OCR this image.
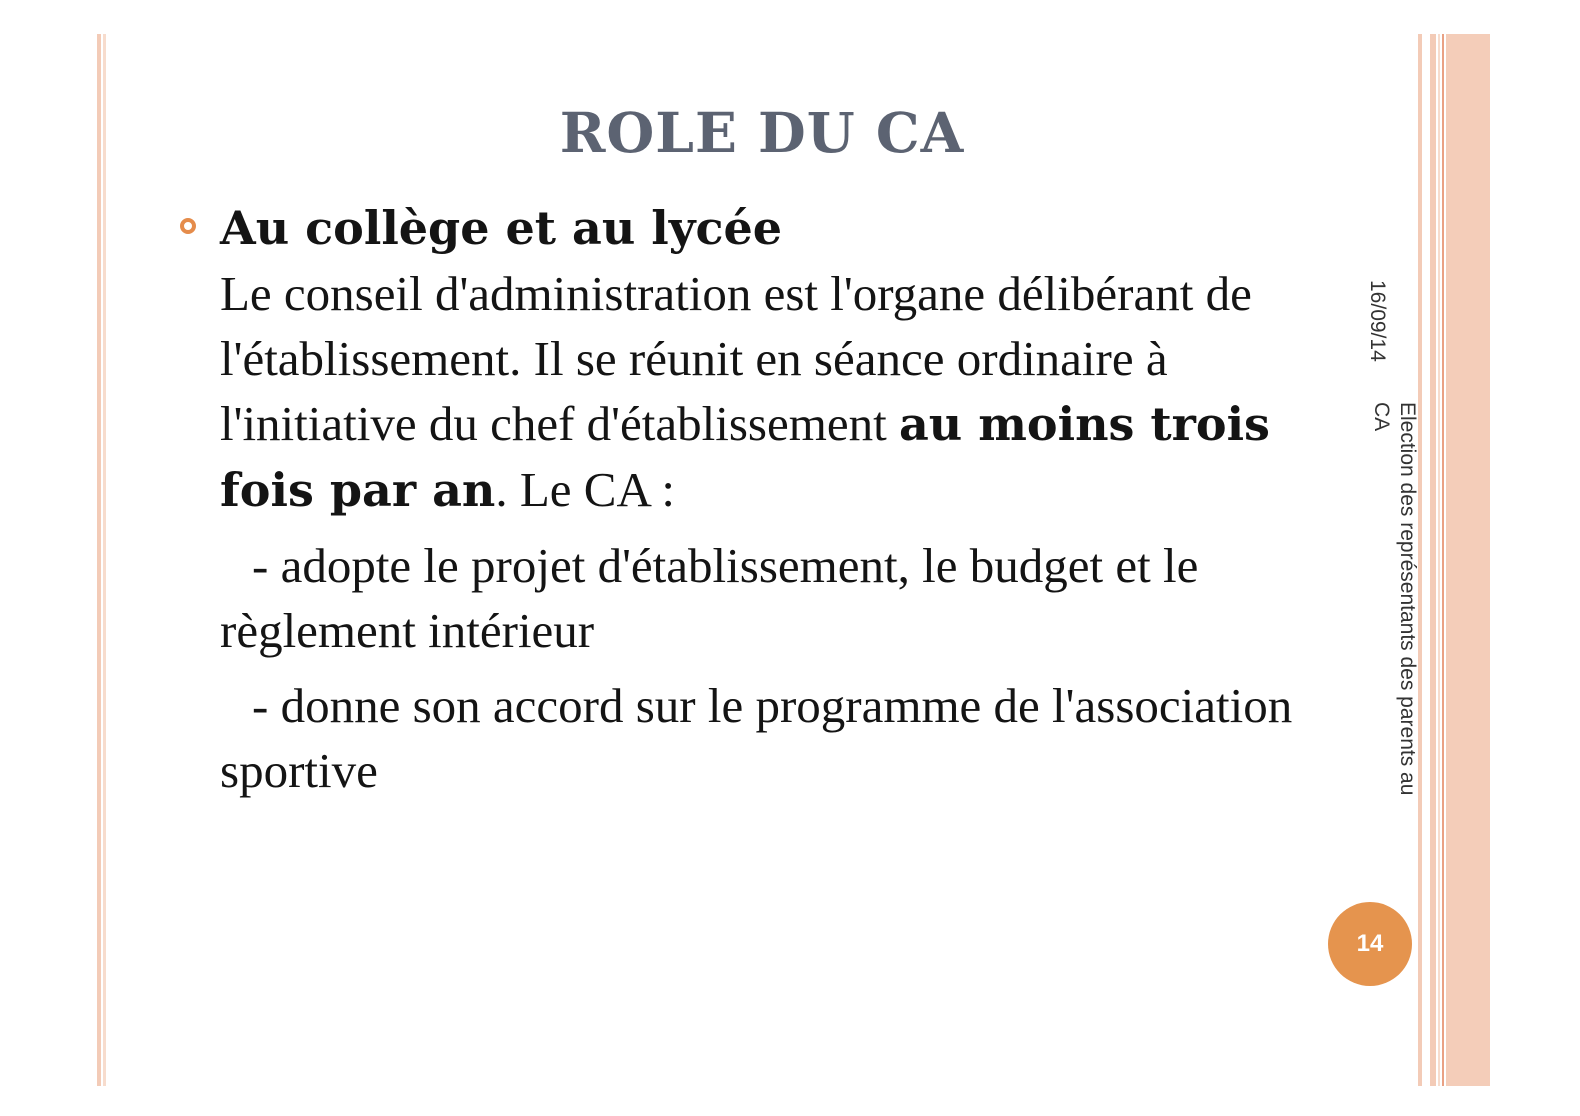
ROLE DU CA
Au collège et au lycée

Le conseil d'administration est l'organe délibérant de l'établissement. Il se réunit en séance ordinaire à l'initiative du chef d'établissement au moins trois fois par an. Le CA :

- adopte le projet d'établissement, le budget et le règlement intérieur

- donne son accord sur le programme de l'association sportive

16/09/14
Election des représentants des parents au
CA
14
